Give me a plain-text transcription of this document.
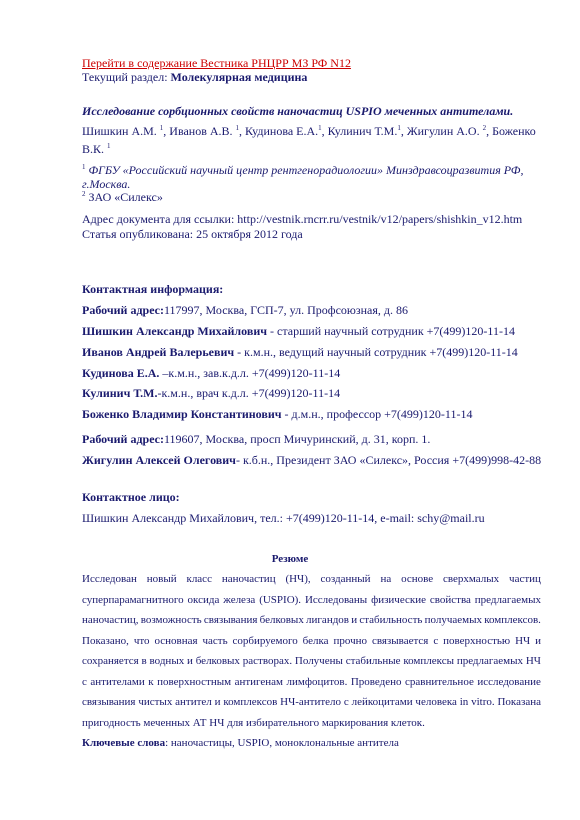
Перейти в содержание Вестника РНЦРР МЗ РФ N12
Текущий раздел: Молекулярная медицина
Исследование сорбционных свойств наночастиц USPIO меченных антителами.
Шишкин А.М. $^1$, Иванов А.В. $^1$, Кудинова Е.А.$^1$, Кулинич Т.М.$^1$, Жигулин А.О. $^2$, Боженко
В.К. $^1$
$^1$ ФГБУ «Российский научный центр рентгенорадиологии» Минздравсоцразвития РФ,
г.Москва.
$^2$ ЗАО «Силекс»
Адрес документа для ссылки: http://vestnik.rncrr.ru/vestnik/v12/papers/shishkin_v12.htm
Статья опубликована: 25 октября 2012 года
Контактная информация:
Рабочий адрес:117997, Москва, ГСП-7, ул. Профсоюзная, д. 86
Шишкин Александр Михайлович - старший научный сотрудник +7(499)120-11-14
Иванов Андрей Валерьевич - к.м.н., ведущий научный сотрудник +7(499)120-11-14
Кудинова Е.А. –к.м.н., зав.к.д.л. +7(499)120-11-14
Кулинич Т.М.-к.м.н., врач к.д.л. +7(499)120-11-14
Боженко Владимир Константинович - д.м.н., профессор +7(499)120-11-14
Рабочий адрес:119607, Москва, просп Мичуринский, д. 31, корп. 1.
Жигулин Алексей Олегович- к.б.н., Президент ЗАО «Силекс», Россия +7(499)998-42-88
Контактное лицо:
Шишкин Александр Михайлович, тел.: +7(499)120-11-14, e-mail: schy@mail.ru
Резюме
Исследован новый класс наночастиц (НЧ), созданный на основе сверхмалых частиц
суперпарамагнитного оксида железа (USPIO). Исследованы физические свойства предлагаемых
наночастиц, возможность связывания белковых лигандов и стабильность получаемых комплексов.
Показано, что основная часть сорбируемого белка прочно связывается с поверхностью НЧ и
сохраняется в водных и белковых растворах. Получены стабильные комплексы предлагаемых НЧ
с антителами к поверхностным антигенам лимфоцитов. Проведено сравнительное исследование
связывания чистых антител и комплексов НЧ-антитело с лейкоцитами человека in vitro. Показана
пригодность меченных АТ НЧ для избирательного маркирования клеток.
Ключевые слова: наночастицы, USPIO, моноклональные антитела
